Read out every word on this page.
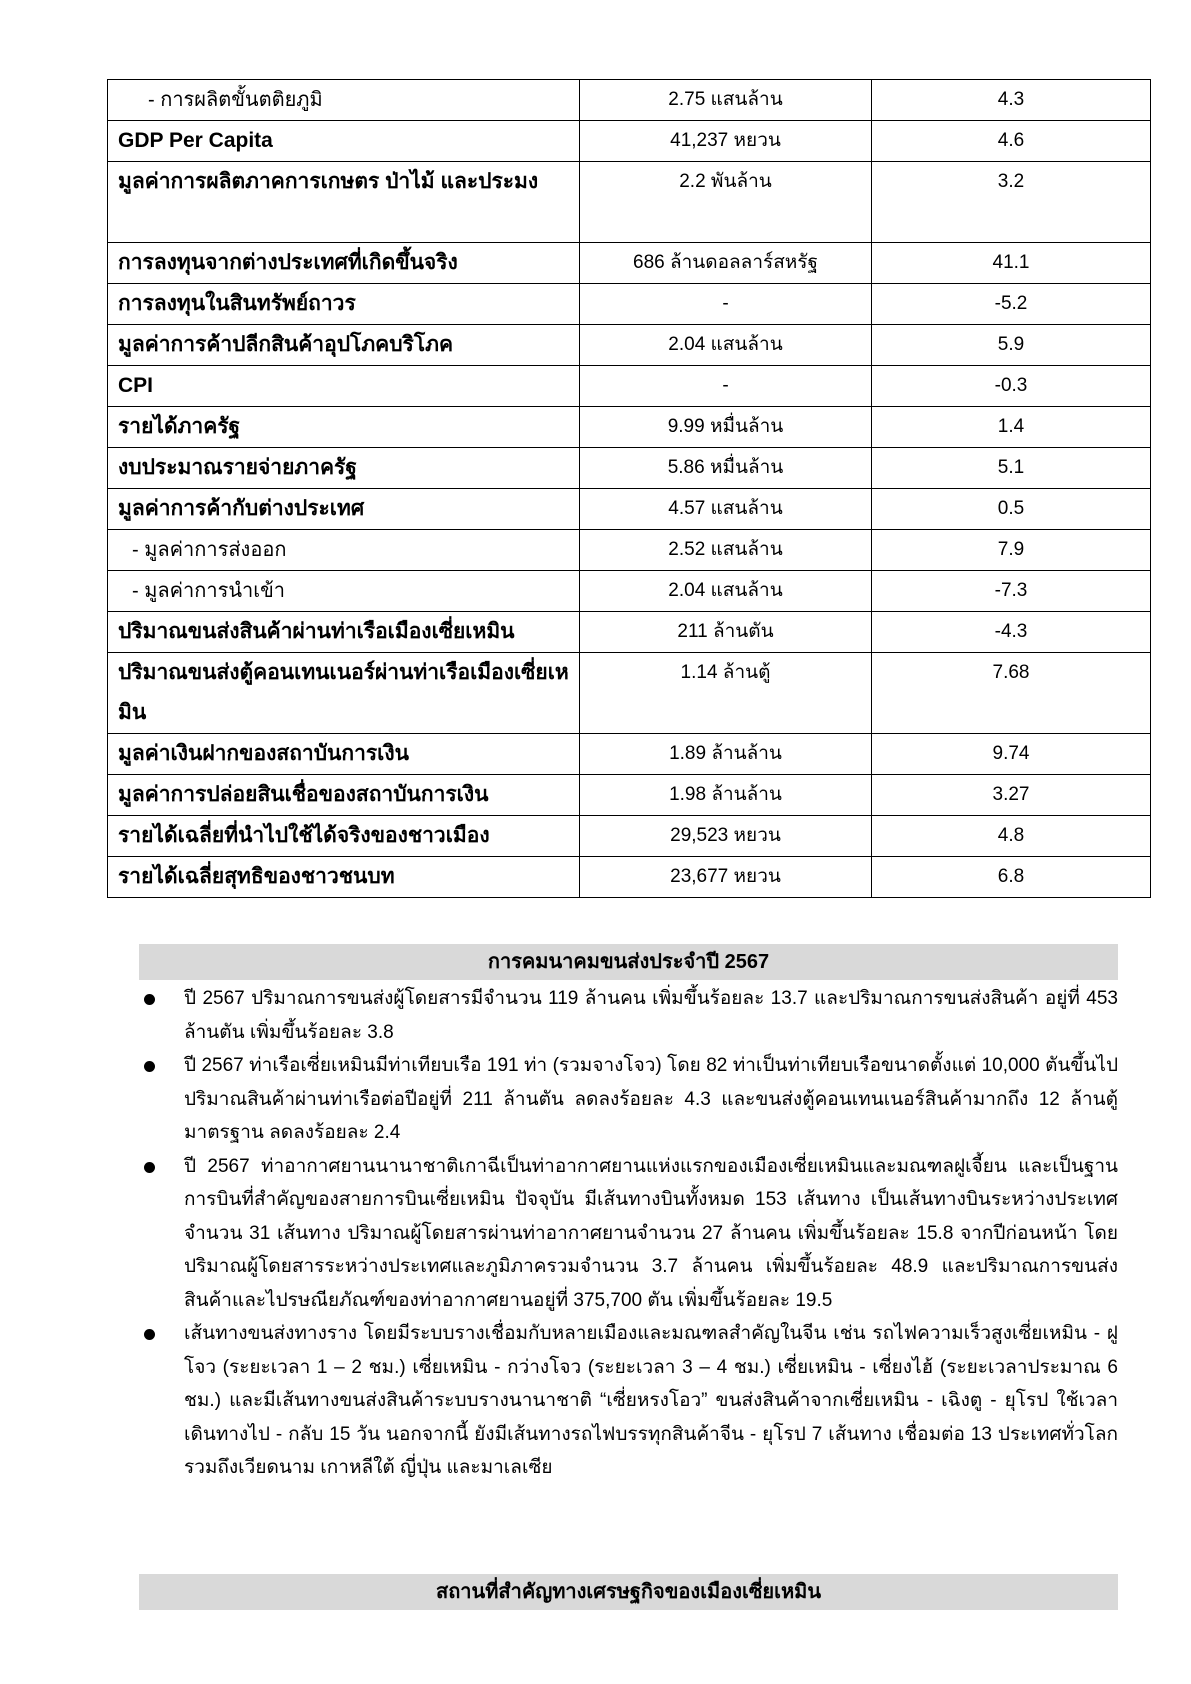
- การผลิตขั้นตติยภูมิ	2.75 แสนล้าน	4.3
GDP Per Capita	41,237 หยวน	4.6
มูลค่าการผลิตภาคการเกษตร ป่าไม้ และประมง	2.2 พันล้าน	3.2
การลงทุนจากต่างประเทศที่เกิดขึ้นจริง	686 ล้านดอลลาร์สหรัฐ	41.1
การลงทุนในสินทรัพย์ถาวร	-	-5.2
มูลค่าการค้าปลีกสินค้าอุปโภคบริโภค	2.04 แสนล้าน	5.9
CPI	-	-0.3
รายได้ภาครัฐ	9.99 หมื่นล้าน	1.4
งบประมาณรายจ่ายภาครัฐ	5.86 หมื่นล้าน	5.1
มูลค่าการค้ากับต่างประเทศ	4.57 แสนล้าน	0.5
- มูลค่าการส่งออก	2.52 แสนล้าน	7.9
- มูลค่าการนำเข้า	2.04 แสนล้าน	-7.3
ปริมาณขนส่งสินค้าผ่านท่าเรือเมืองเซี่ยเหมิน	211 ล้านตัน	-4.3
ปริมาณขนส่งตู้คอนเทนเนอร์ผ่านท่าเรือเมืองเซี่ยเหมิน	1.14 ล้านตู้	7.68
มูลค่าเงินฝากของสถาบันการเงิน	1.89 ล้านล้าน	9.74
มูลค่าการปล่อยสินเชื่อของสถาบันการเงิน	1.98 ล้านล้าน	3.27
รายได้เฉลี่ยที่นำไปใช้ได้จริงของชาวเมือง	29,523 หยวน	4.8
รายได้เฉลี่ยสุทธิของชาวชนบท	23,677 หยวน	6.8
การคมนาคมขนส่งประจำปี 2567
ปี 2567 ปริมาณการขนส่งผู้โดยสารมีจำนวน 119 ล้านคน เพิ่มขึ้นร้อยละ 13.7 และปริมาณการขนส่งสินค้า อยู่ที่ 453 ล้านตัน เพิ่มขึ้นร้อยละ 3.8
ปี 2567 ท่าเรือเซี่ยเหมินมีท่าเทียบเรือ 191 ท่า (รวมจางโจว) โดย 82 ท่าเป็นท่าเทียบเรือขนาดตั้งแต่ 10,000 ตันขึ้นไป ปริมาณสินค้าผ่านท่าเรือต่อปีอยู่ที่ 211 ล้านตัน ลดลงร้อยละ 4.3 และขนส่งตู้คอนเทนเนอร์สินค้ามากถึง 12 ล้านตู้มาตรฐาน ลดลงร้อยละ 2.4
ปี 2567 ท่าอากาศยานนานาชาติเกาฉีเป็นท่าอากาศยานแห่งแรกของเมืองเซี่ยเหมินและมณฑลฝูเจี้ยน และเป็นฐานการบินที่สำคัญของสายการบินเซี่ยเหมิน ปัจจุบัน มีเส้นทางบินทั้งหมด 153 เส้นทาง เป็นเส้นทางบินระหว่างประเทศจำนวน 31 เส้นทาง ปริมาณผู้โดยสารผ่านท่าอากาศยานจำนวน 27 ล้านคน เพิ่มขึ้นร้อยละ 15.8 จากปีก่อนหน้า โดยปริมาณผู้โดยสารระหว่างประเทศและภูมิภาครวมจำนวน 3.7 ล้านคน เพิ่มขึ้นร้อยละ 48.9 และปริมาณการขนส่งสินค้าและไปรษณียภัณฑ์ของท่าอากาศยานอยู่ที่ 375,700 ตัน เพิ่มขึ้นร้อยละ 19.5
เส้นทางขนส่งทางราง โดยมีระบบรางเชื่อมกับหลายเมืองและมณฑลสำคัญในจีน เช่น รถไฟความเร็วสูงเซี่ยเหมิน - ฝูโจว (ระยะเวลา 1 – 2 ชม.) เซี่ยเหมิน - กว่างโจว (ระยะเวลา 3 – 4 ชม.) เซี่ยเหมิน - เซี่ยงไฮ้ (ระยะเวลาประมาณ 6 ชม.) และมีเส้นทางขนส่งสินค้าระบบรางนานาชาติ “เซี่ยหรงโอว” ขนส่งสินค้าจากเซี่ยเหมิน - เฉิงตู - ยุโรป ใช้เวลาเดินทางไป - กลับ 15 วัน นอกจากนี้ ยังมีเส้นทางรถไฟบรรทุกสินค้าจีน - ยุโรป 7 เส้นทาง เชื่อมต่อ 13 ประเทศทั่วโลก รวมถึงเวียดนาม เกาหลีใต้ ญี่ปุ่น และมาเลเซีย
สถานที่สำคัญทางเศรษฐกิจของเมืองเซี่ยเหมิน
